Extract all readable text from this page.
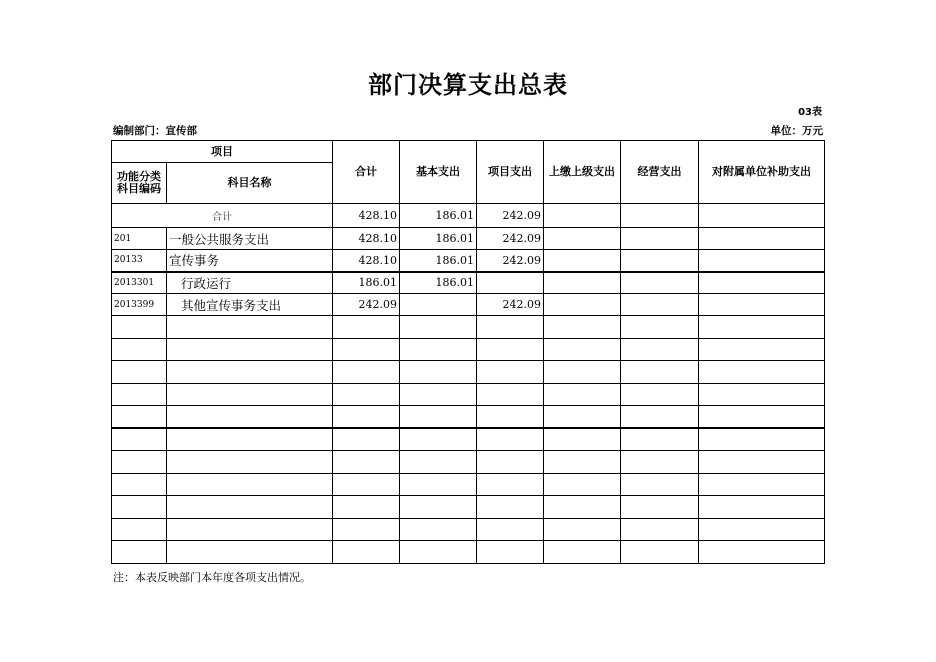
部门决算支出总表
03表
编制部门：宣传部	单位：万元
项目		合计	基本支出	项目支出	上缴上级支出	经营支出	对附属单位补助支出
功能分类
科目编码	科目名称						
合计		428.10	186.01	242.09			
201	一般公共服务支出	428.10	186.01	242.09			
20133	宣传事务	428.10	186.01	242.09			
2013301	行政运行	186.01	186.01				
2013399	其他宣传事务支出	242.09		242.09			

注：本表反映部门本年度各项支出情况。
